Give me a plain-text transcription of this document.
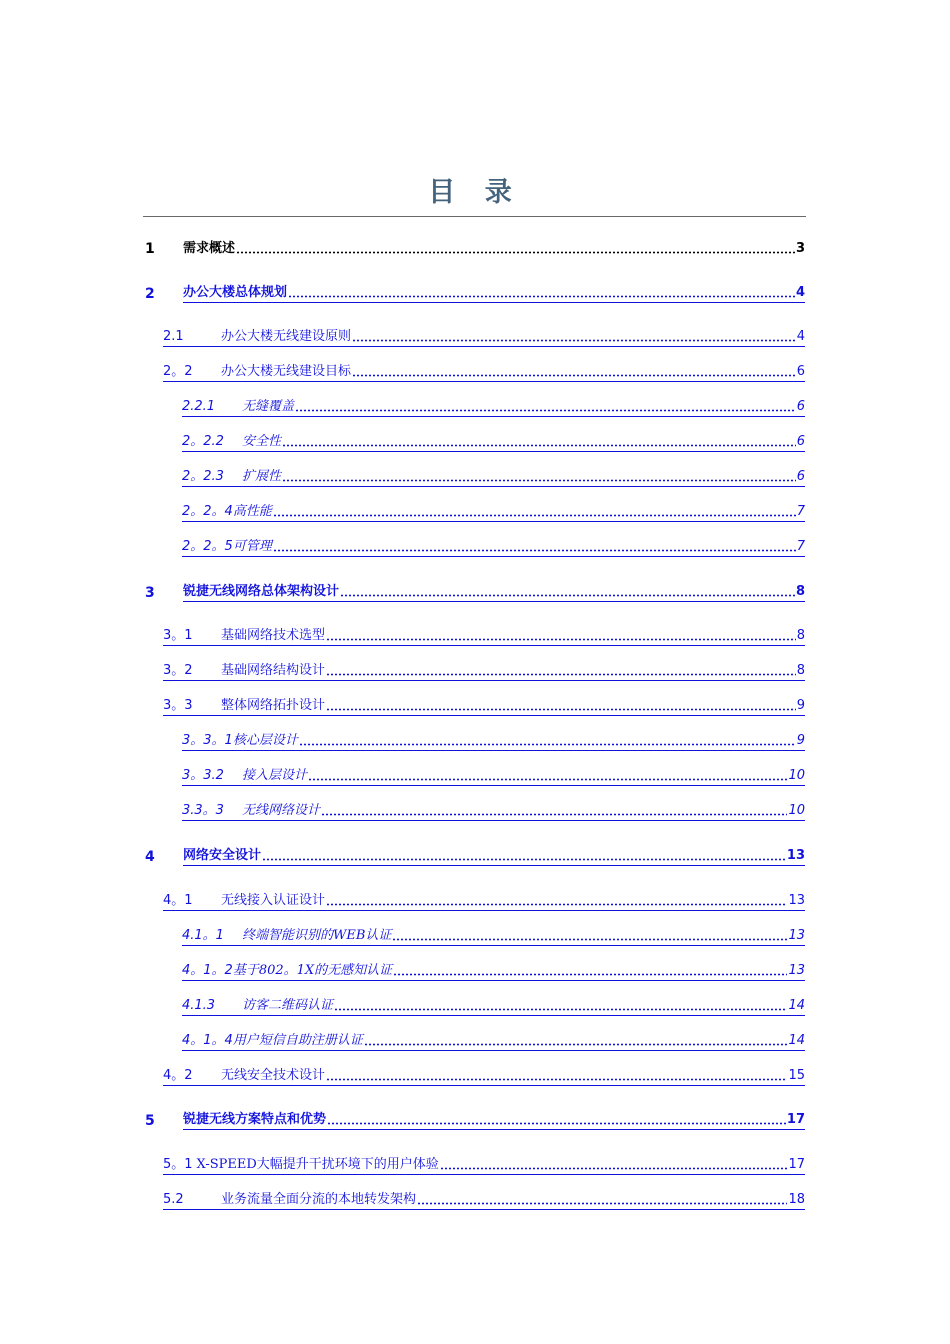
目 录
1 需求概述	3
2 办公大楼总体规划	4
2.1	办公大楼无线建设原则	4
2。2	办公大楼无线建设目标	6
2.2.1	无缝覆盖	6
2。2.2	安全性	6
2。2.3	扩展性	6
2。2。4 高性能	7
2。2。5 可管理	7
3 锐捷无线网络总体架构设计	8
3。1	基础网络技术选型	8
3。2	基础网络结构设计	8
3。3	整体网络拓扑设计	9
3。3。1 核心层设计	9
3。3.2	接入层设计	10
3.3。3	无线网络设计	10
4 网络安全设计	13
4。1	无线接入认证设计	13
4.1。1	终端智能识别的WEB认证	13
4。1。2 基于802。1X的无感知认证	13
4.1.3	访客二维码认证	14
4。1。4 用户短信自助注册认证	14
4。2	无线安全技术设计	15
5 锐捷无线方案特点和优势	17
5。1 X-SPEED大幅提升干扰环境下的用户体验	17
5.2	业务流量全面分流的本地转发架构	18
